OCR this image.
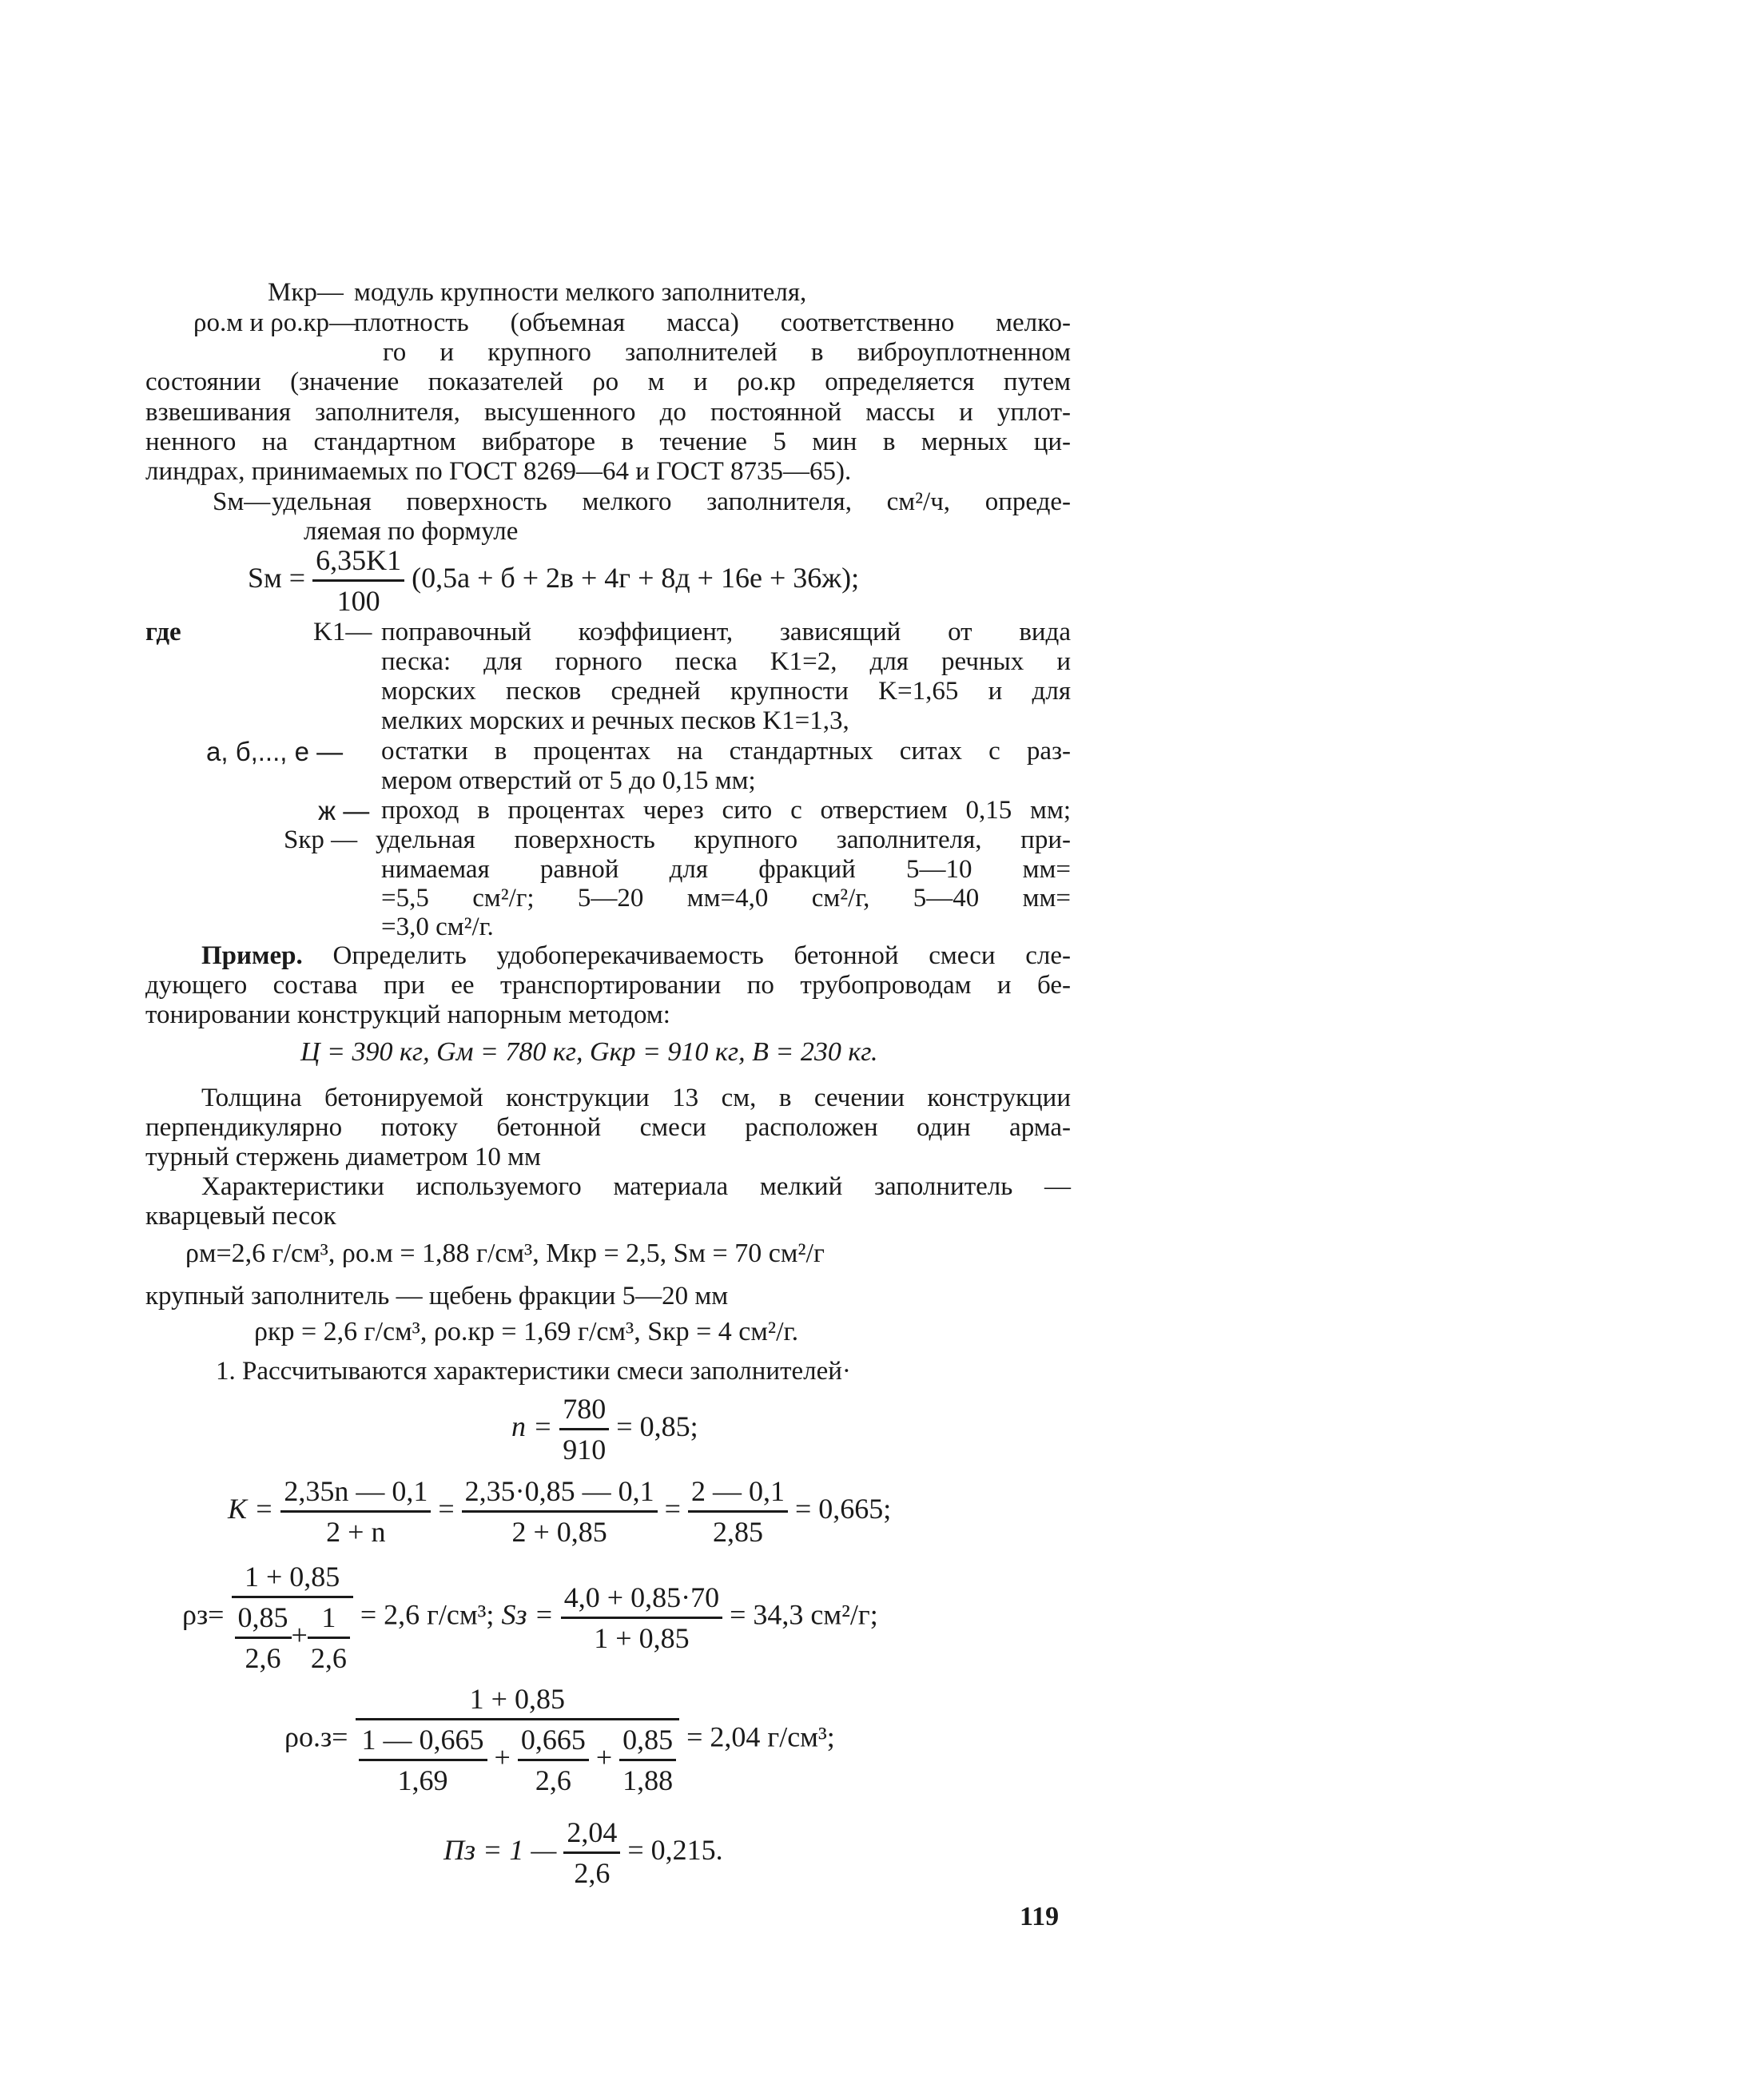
Мкр— модуль крупности мелкого заполнителя,
ρо.м и ρо.кр—
плотность (объемная масса) соответственно мелко-
го и крупного заполнителей в виброуплотненном
состоянии (значение показателей ρо м и ρо.кр определяется путем
взвешивания заполнителя, высушенного до постоянной массы и уплот-
ненного на стандартном вибраторе в течение 5 мин в мерных ци-
линдрах, принимаемых по ГОСТ 8269—64 и ГОСТ 8735—65).
Sм— удельная поверхность мелкого заполнителя, см²/ч, опреде-
ляемая по формуле
Sм = $\frac{6,35K1}{100} (0,5а + б + 2в + 4г + 8д + 16е + 36ж)$;
где	K1— поправочный коэффициент, зависящий от вида
песка: для горного песка K1=2, для речных и
морских песков средней крупности K=1,65 и для
мелких морских и речных песков K1=1,3,
а, б,..., е — остатки в процентах на стандартных ситах с раз-
мером отверстий от 5 до 0,15 мм;
ж — проход в процентах через сито с отверстием 0,15 мм;
Sкр — удельная поверхность крупного заполнителя, при-
нимаемая равной для фракций 5—10 мм=
=5,5 см²/г; 5—20 мм=4,0 см²/г, 5—40 мм=
=3,0 см²/г.
Пример. Определить удобоперекачиваемость бетонной смеси сле-
дующего состава при ее транспортировании по трубопроводам и бе-
тонировании конструкций напорным методом:
Ц = 390 кг, Gм = 780 кг, Gкр = 910 кг, B = 230 кг.
Толщина бетонируемой конструкции 13 см, в сечении конструкции
перпендикулярно потоку бетонной смеси расположен один арма-
турный стержень диаметром 10 мм
Характеристики используемого материала мелкий заполнитель —
кварцевый песок
ρм=2,6 г/см³, ρо.м = 1,88 г/см³, Mкр = 2,5, Sм = 70 см²/г
крупный заполнитель — щебень фракции 5—20 мм
ρкр = 2,6 г/см³, ρо.кр = 1,69 г/см³, Sкр = 4 см²/г.
1. Рассчитываются характеристики смеси заполнителей·
$n = \frac{780}{910} = 0,85$;
$K = \frac{2,35n — 0,1}{2 + n} = \frac{2,35\cdot 0,85 — 0,1}{2 + 0,85} = \frac{2 — 0,1}{2,85} = 0,665$;
$\rho з= \frac{1 + 0,85}{\frac{0,85}{2,6} + \frac{1}{2,6}} = 2,6$ г/см³; Sз = $\frac{4,0 + 0,85\cdot 70}{1 + 0,85} = 34,3$ см²/г;
ρо.з=
1 + 0,85
$\frac{1 — 0,665}{1,69} + \frac{0,665}{2,6} + \frac{0,85}{1,88} = 2,04$ г/см³;
Пз = 1 — $\frac{2,04}{2,6} = 0,215$.
119
